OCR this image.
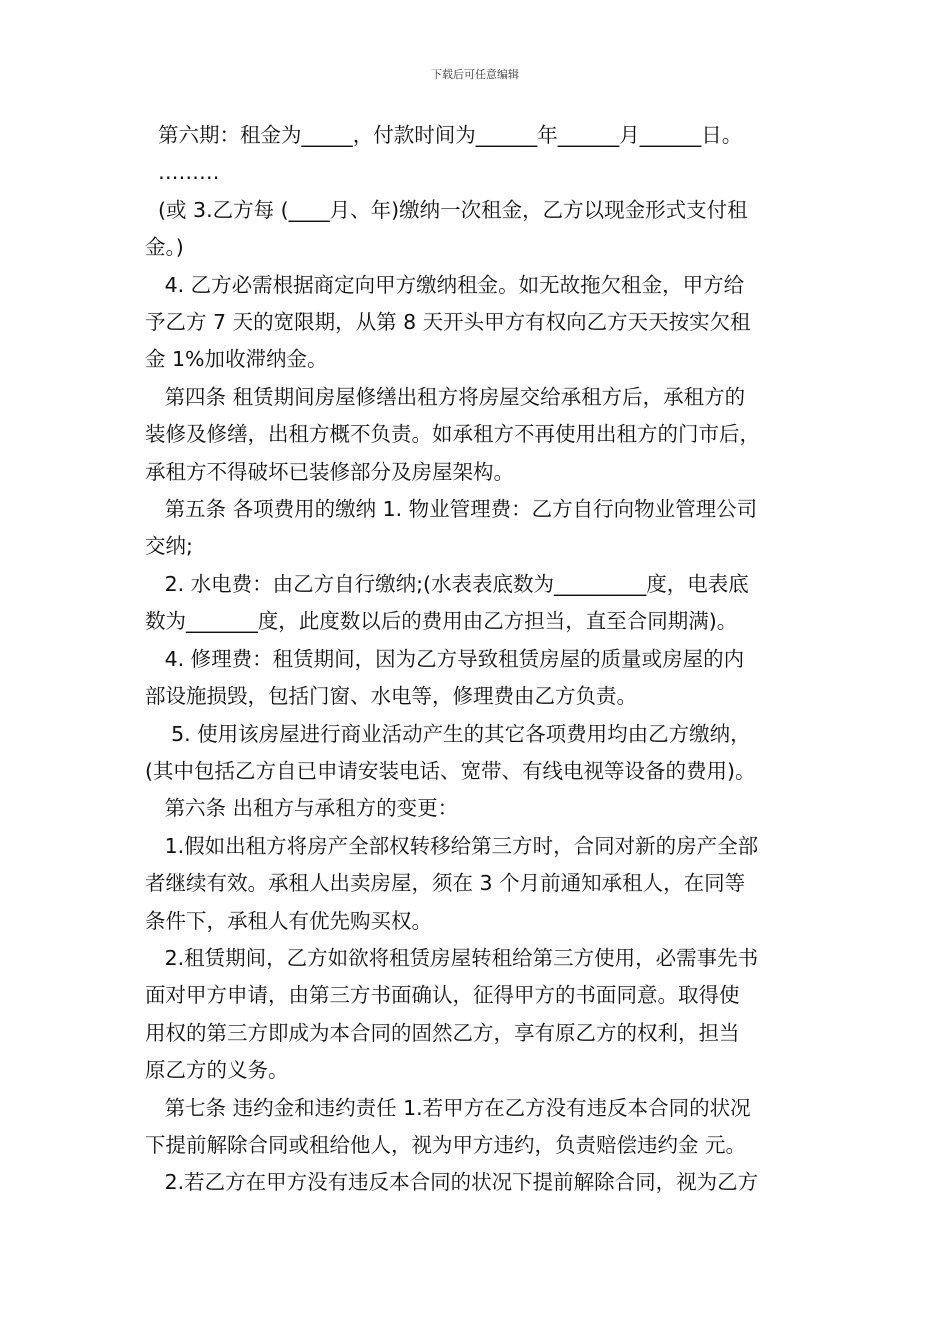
下载后可任意编辑

第六期：租金为_____，付款时间为______年______月______日。

………

(或 3.乙方每 (____月、年)缴纳一次租金，乙方以现金形式支付租

金。)

4. 乙方必需根据商定向甲方缴纳租金。如无故拖欠租金，甲方给

予乙方 7 天的宽限期，从第 8 天开头甲方有权向乙方天天按实欠租

金 1%加收滞纳金。

第四条 租赁期间房屋修缮出租方将房屋交给承租方后，承租方的

装修及修缮，出租方概不负责。如承租方不再使用出租方的门市后，

承租方不得破坏已装修部分及房屋架构。

第五条 各项费用的缴纳 1. 物业管理费：乙方自行向物业管理公司

交纳;

2. 水电费：由乙方自行缴纳;(水表表底数为_________度，电表底

数为_______度，此度数以后的费用由乙方担当，直至合同期满)。

4. 修理费：租赁期间，因为乙方导致租赁房屋的质量或房屋的内

部设施损毁，包括门窗、水电等，修理费由乙方负责。

5. 使用该房屋进行商业活动产生的其它各项费用均由乙方缴纳，

(其中包括乙方自已申请安装电话、宽带、有线电视等设备的费用)。

第六条 出租方与承租方的变更：

1.假如出租方将房产全部权转移给第三方时，合同对新的房产全部

者继续有效。承租人出卖房屋，须在 3 个月前通知承租人，在同等

条件下，承租人有优先购买权。

2.租赁期间，乙方如欲将租赁房屋转租给第三方使用，必需事先书

面对甲方申请，由第三方书面确认，征得甲方的书面同意。取得使

用权的第三方即成为本合同的固然乙方，享有原乙方的权利，担当

原乙方的义务。

第七条 违约金和违约责任 1.若甲方在乙方没有违反本合同的状况

下提前解除合同或租给他人，视为甲方违约，负责赔偿违约金 元。

2.若乙方在甲方没有违反本合同的状况下提前解除合同，视为乙方
